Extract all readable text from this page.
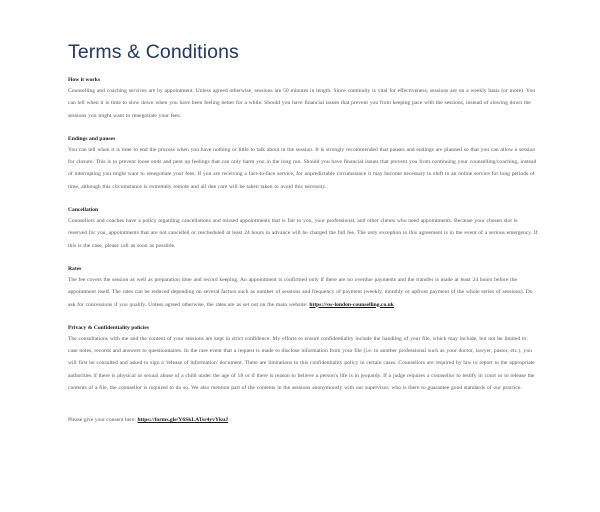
Terms & Conditions

How it works

Counselling and coaching services are by appointment. Unless agreed otherwise, sessions are 50 minutes in length. Since continuity is vital for effectiveness, sessions are on a weekly basis (or more). You can tell when it is time to slow down when you have been feeling better for a while. Should you have financial issues that prevent you from keeping pace with the sessions, instead of slowing down the sessions you might want to renegotiate your fees.

Endings and pauses

You can tell when it is time to end the process when you have nothing or little to talk about in the session. It is strongly recommended that pauses and endings are planned so that you can allow a session for closure. This is to prevent loose ends and pent up feelings that can only harm you in the long run. Should you have financial issues that prevent you from continuing your counselling/coaching, instead of interrupting you might want to renegotiate your fees. If you are receiving a face-to-face service, for unpredictable circumstance it may become necessary to shift to an online service for long periods of time, although this circumstance is extremely remote and all due care will be taken taken to avoid this necessity.

Cancellation

Counsellors and coaches have a policy regarding cancellations and missed appointments that is fair to you, your professional, and other clients who need appointments. Because your chosen slot is reserved for you, appointments that are not cancelled or rescheduled at least 24 hours in advance will be charged the full fee. The only exception to this agreement is in the event of a serious emergency. If this is the case, please call as soon as possible.

Rates

The fee covers the session as well as preparation time and record keeping. An appointment is confirmed only if there are no overdue payments and the transfer is made at least 24 hours before the appointment itself. The rates can be reduced depending on several factors such as number of sessions and frequency of payment (weekly, monthly or upfront payment of the whole series of sessions). Do ask for concessions if you qualify. Unless agreed otherwise, the rates are as set out on the main website: https://sw-london-counselling.co.uk

Privacy & Confidentiality policies

The consultations with me and the content of your sessions are kept in strict confidence. My efforts to ensure confidentiality include the handling of your file, which may include, but not be limited to: case notes, records and answers to questionnaires. In the rare event that a request is made to disclose information from your file (i.e. to another professional such as your doctor, lawyer, pastor, etc.), you will first be consulted and asked to sign a 'release of information' document. There are limitations to this confidentiality policy in certain cases. Counsellors are required by law to report to the appropriate authorities if there is physical or sexual abuse of a child under the age of 18 or if there is reason to believe a person's life is in jeopardy. If a judge requires a counsellor to testify in court or to release the contents of a file, the counsellor is required to do so. We also mention part of the contents in the sessions anonymously with our supervisor, who is there to guarantee good standards of our practice.

Please give your consent here: https://forms.gle/Y6SkLATsr4yvYkuJ
